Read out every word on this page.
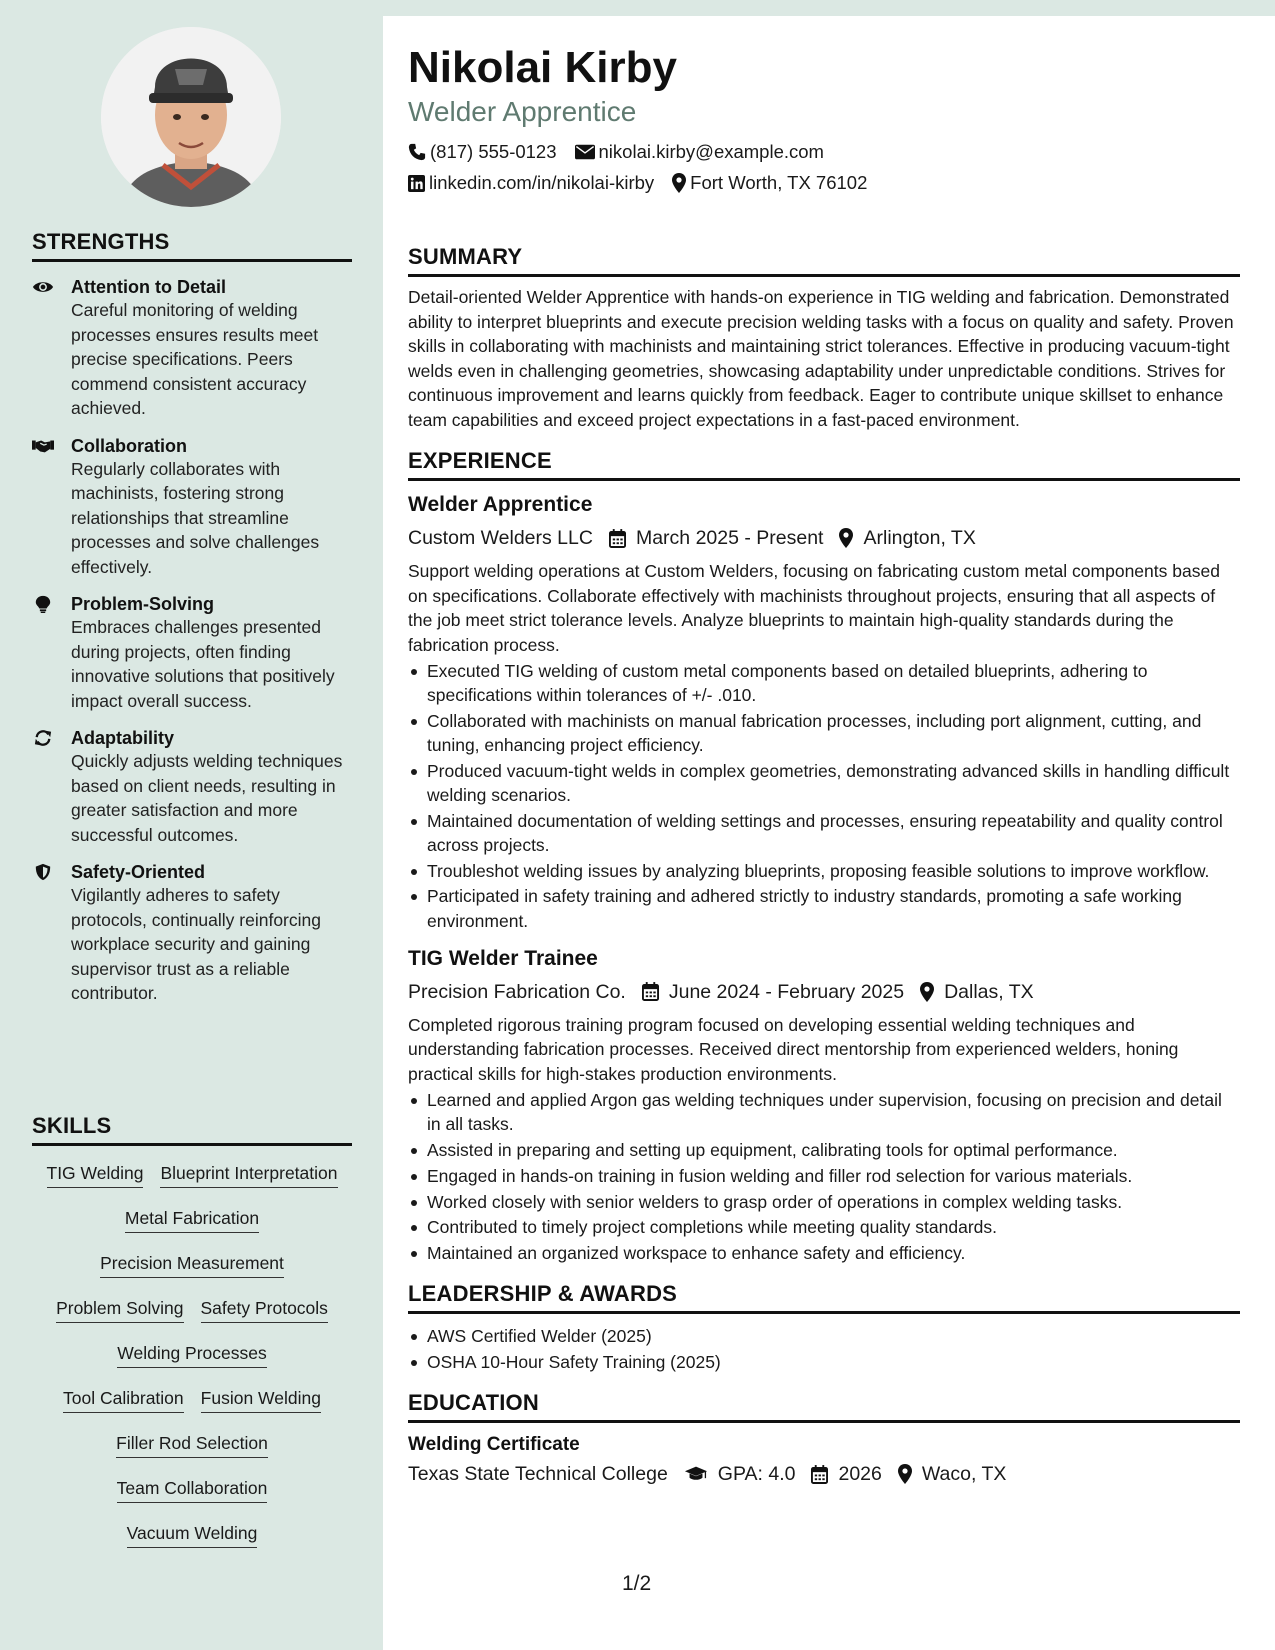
STRENGTHS
Attention to Detail
Careful monitoring of welding processes ensures results meet precise specifications. Peers commend consistent accuracy achieved.
Collaboration
Regularly collaborates with machinists, fostering strong relationships that streamline processes and solve challenges effectively.
Problem-Solving
Embraces challenges presented during projects, often finding innovative solutions that positively impact overall success.
Adaptability
Quickly adjusts welding techniques based on client needs, resulting in greater satisfaction and more successful outcomes.
Safety-Oriented
Vigilantly adheres to safety protocols, continually reinforcing workplace security and gaining supervisor trust as a reliable contributor.
SKILLS
TIG Welding Blueprint Interpretation
Metal Fabrication
Precision Measurement
Problem Solving Safety Protocols
Welding Processes
Tool Calibration Fusion Welding
Filler Rod Selection
Team Collaboration
Vacuum Welding
Nikolai Kirby
Welder Apprentice
(817) 555-0123 nikolai.kirby@example.com
linkedin.com/in/nikolai-kirby Fort Worth, TX 76102
SUMMARY
Detail-oriented Welder Apprentice with hands-on experience in TIG welding and fabrication. Demonstrated ability to interpret blueprints and execute precision welding tasks with a focus on quality and safety. Proven skills in collaborating with machinists and maintaining strict tolerances. Effective in producing vacuum-tight welds even in challenging geometries, showcasing adaptability under unpredictable conditions. Strives for continuous improvement and learns quickly from feedback. Eager to contribute unique skillset to enhance team capabilities and exceed project expectations in a fast-paced environment.
EXPERIENCE
Welder Apprentice
Custom Welders LLC March 2025 - Present Arlington, TX
Support welding operations at Custom Welders, focusing on fabricating custom metal components based on specifications. Collaborate effectively with machinists throughout projects, ensuring that all aspects of the job meet strict tolerance levels. Analyze blueprints to maintain high-quality standards during the fabrication process.
Executed TIG welding of custom metal components based on detailed blueprints, adhering to specifications within tolerances of +/- .010.
Collaborated with machinists on manual fabrication processes, including port alignment, cutting, and tuning, enhancing project efficiency.
Produced vacuum-tight welds in complex geometries, demonstrating advanced skills in handling difficult welding scenarios.
Maintained documentation of welding settings and processes, ensuring repeatability and quality control across projects.
Troubleshot welding issues by analyzing blueprints, proposing feasible solutions to improve workflow.
Participated in safety training and adhered strictly to industry standards, promoting a safe working environment.
TIG Welder Trainee
Precision Fabrication Co. June 2024 - February 2025 Dallas, TX
Completed rigorous training program focused on developing essential welding techniques and understanding fabrication processes. Received direct mentorship from experienced welders, honing practical skills for high-stakes production environments.
Learned and applied Argon gas welding techniques under supervision, focusing on precision and detail in all tasks.
Assisted in preparing and setting up equipment, calibrating tools for optimal performance.
Engaged in hands-on training in fusion welding and filler rod selection for various materials.
Worked closely with senior welders to grasp order of operations in complex welding tasks.
Contributed to timely project completions while meeting quality standards.
Maintained an organized workspace to enhance safety and efficiency.
LEADERSHIP & AWARDS
AWS Certified Welder (2025)
OSHA 10-Hour Safety Training (2025)
EDUCATION
Welding Certificate
Texas State Technical College	GPA: 4.0 2026 Waco, TX
1/2
